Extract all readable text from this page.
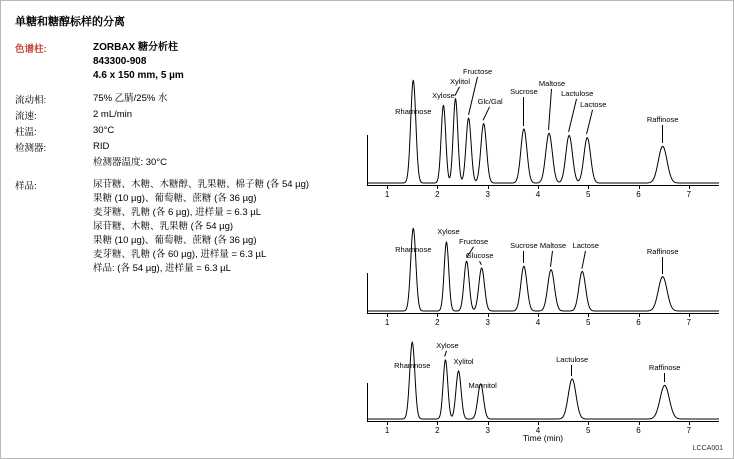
单糖和糖醇标样的分离
色谱柱:	ZORBAX 糖分析柱
843300-908
4.6 x 150 mm, 5 µm
流动相:	75% 乙腈/25% 水
流速:	2 mL/min
柱温:	30°C
检测器:	RID
检测器温度: 30°C
样品:	尿苷糖、木糖、木糖醇、乳果糖、棉子糖 (各 54 µg)
果糖 (10 µg)、葡萄糖、蔗糖 (各 36 µg)
麦芽糖、乳糖 (各 6 µg), 进样量 = 6.3 µL
尿苷糖、木糖、乳果糖 (各 54 µg)
果糖 (10 µg)、葡萄糖、蔗糖 (各 36 µg)
麦芽糖、乳糖 (各 60 µg), 进样量 = 6.3 µL
样品: (各 54 µg), 进样量 = 6.3 µL
Rhamnose
Xylose
Xylitol
Fructose
Glc/Gal
Sucrose
Maltose
Lactulose
Lactose
Raffinose
1	2	3	4	5	6	7
Rhamnose
Xylose
Fructose
Glucose
Sucrose Maltose Lactose
Raffinose
1	2	3	4	5	6	7
Rhamnose
Xylose
Xylitol
Mannitol
Lactulose
Raffinose
1	2	3	4	5	6	7
Time (min)
LCCA001
